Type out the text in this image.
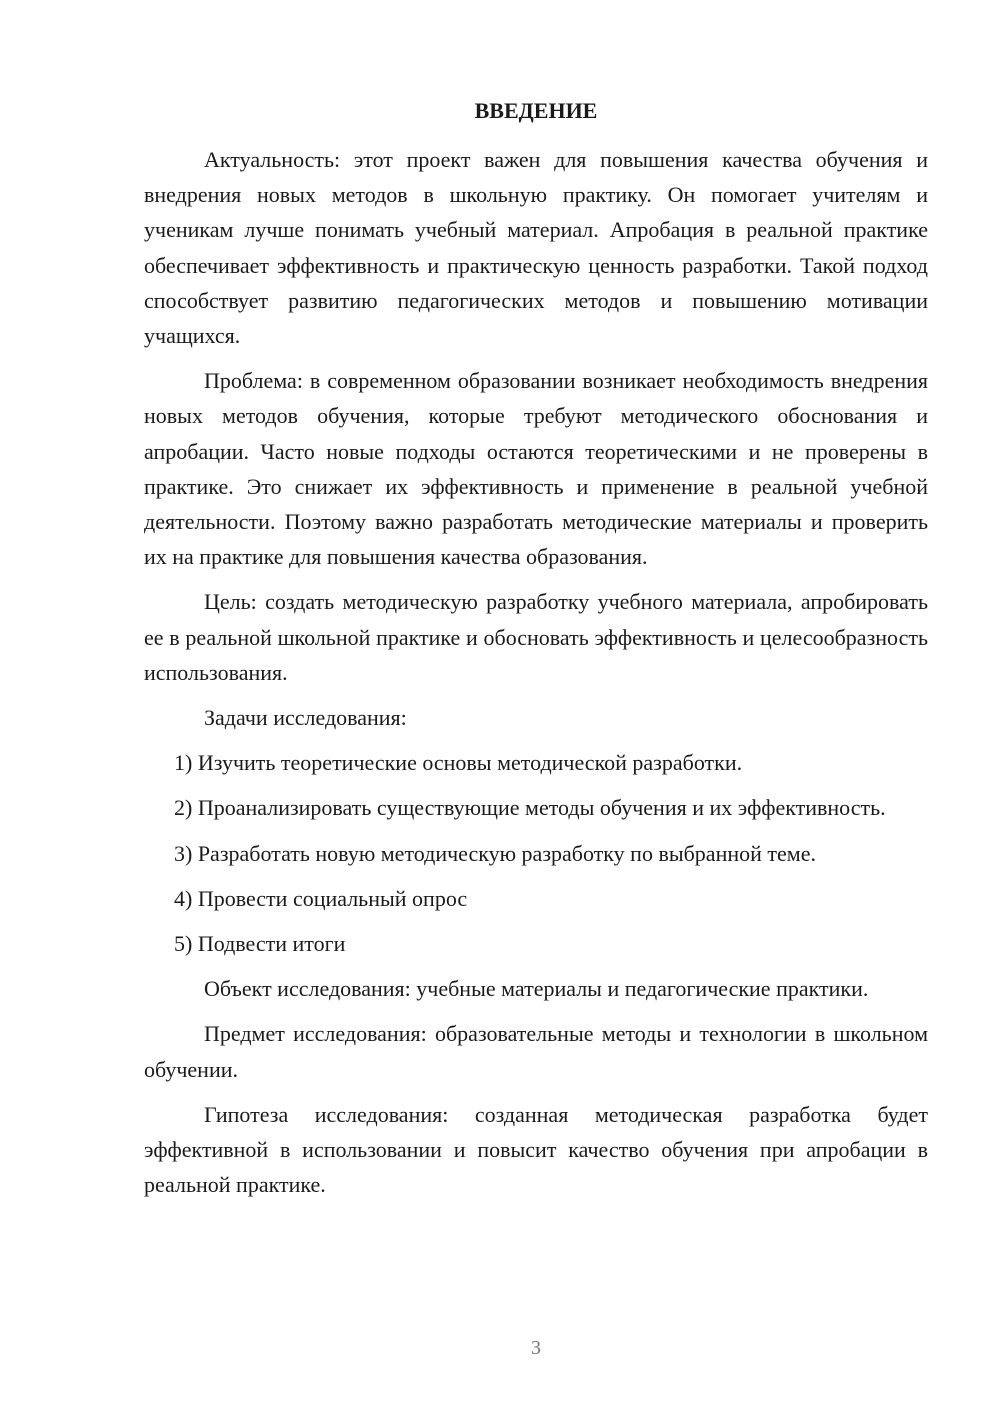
ВВЕДЕНИЕ

Актуальность: этот проект важен для повышения качества обучения и внедрения новых методов в школьную практику. Он помогает учителям и ученикам лучше понимать учебный материал. Апробация в реальной практике обеспечивает эффективность и практическую ценность разработки. Такой подход способствует развитию педагогических методов и повышению мотивации учащихся.

Проблема: в современном образовании возникает необходимость внедрения новых методов обучения, которые требуют методического обоснования и апробации. Часто новые подходы остаются теоретическими и не проверены в практике. Это снижает их эффективность и применение в реальной учебной деятельности. Поэтому важно разработать методические материалы и проверить их на практике для повышения качества образования.

Цель: создать методическую разработку учебного материала, апробировать ее в реальной школьной практике и обосновать эффективность и целесообразность использования.

Задачи исследования:

1) Изучить теоретические основы методической разработки.

2) Проанализировать существующие методы обучения и их эффективность.

3) Разработать новую методическую разработку по выбранной теме.

4) Провести социальный опрос

5) Подвести итоги

Объект исследования: учебные материалы и педагогические практики.

Предмет исследования: образовательные методы и технологии в школьном обучении.

Гипотеза исследования: созданная методическая разработка будет эффективной в использовании и повысит качество обучения при апробации в реальной практике.

3
